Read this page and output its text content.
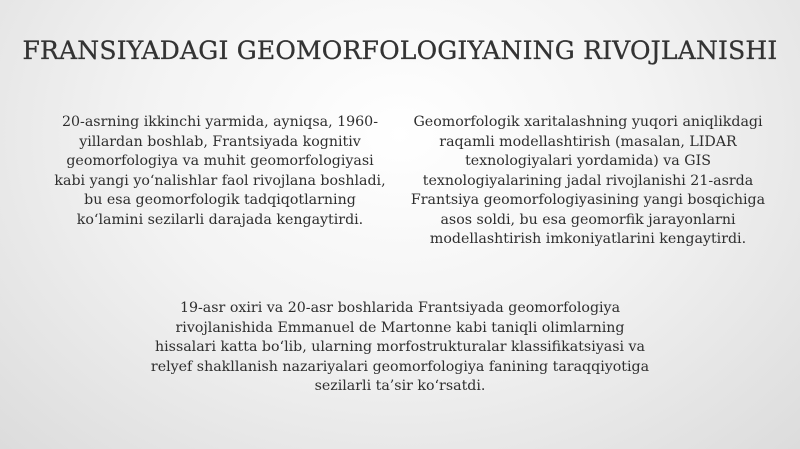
FRANSIYADAGI GEOMORFOLOGIYANING RIVOJLANISHI

20-asrning ikkinchi yarmida, ayniqsa, 1960-yillardan boshlab, Frantsiyada kognitiv geomorfologiya va muhit geomorfologiyasi kabi yangi yo‘nalishlar faol rivojlana boshladi, bu esa geomorfologik tadqiqotlarning ko‘lamini sezilarli darajada kengaytirdi.

Geomorfologik xaritalashning yuqori aniqlikdagi raqamli modellashtirish (masalan, LIDAR texnologiyalari yordamida) va GIS texnologiyalarining jadal rivojlanishi 21-asrda Frantsiya geomorfologiyasining yangi bosqichiga asos soldi, bu esa geomorfik jarayonlarni modellashtirish imkoniyatlarini kengaytirdi.

19-asr oxiri va 20-asr boshlarida Frantsiyada geomorfologiya rivojlanishida Emmanuel de Martonne kabi taniqli olimlarning hissalari katta bo‘lib, ularning morfostrukturalar klassifikatsiyasi va relyef shakllanish nazariyalari geomorfologiya fanining taraqqiyotiga sezilarli ta’sir ko‘rsatdi.
